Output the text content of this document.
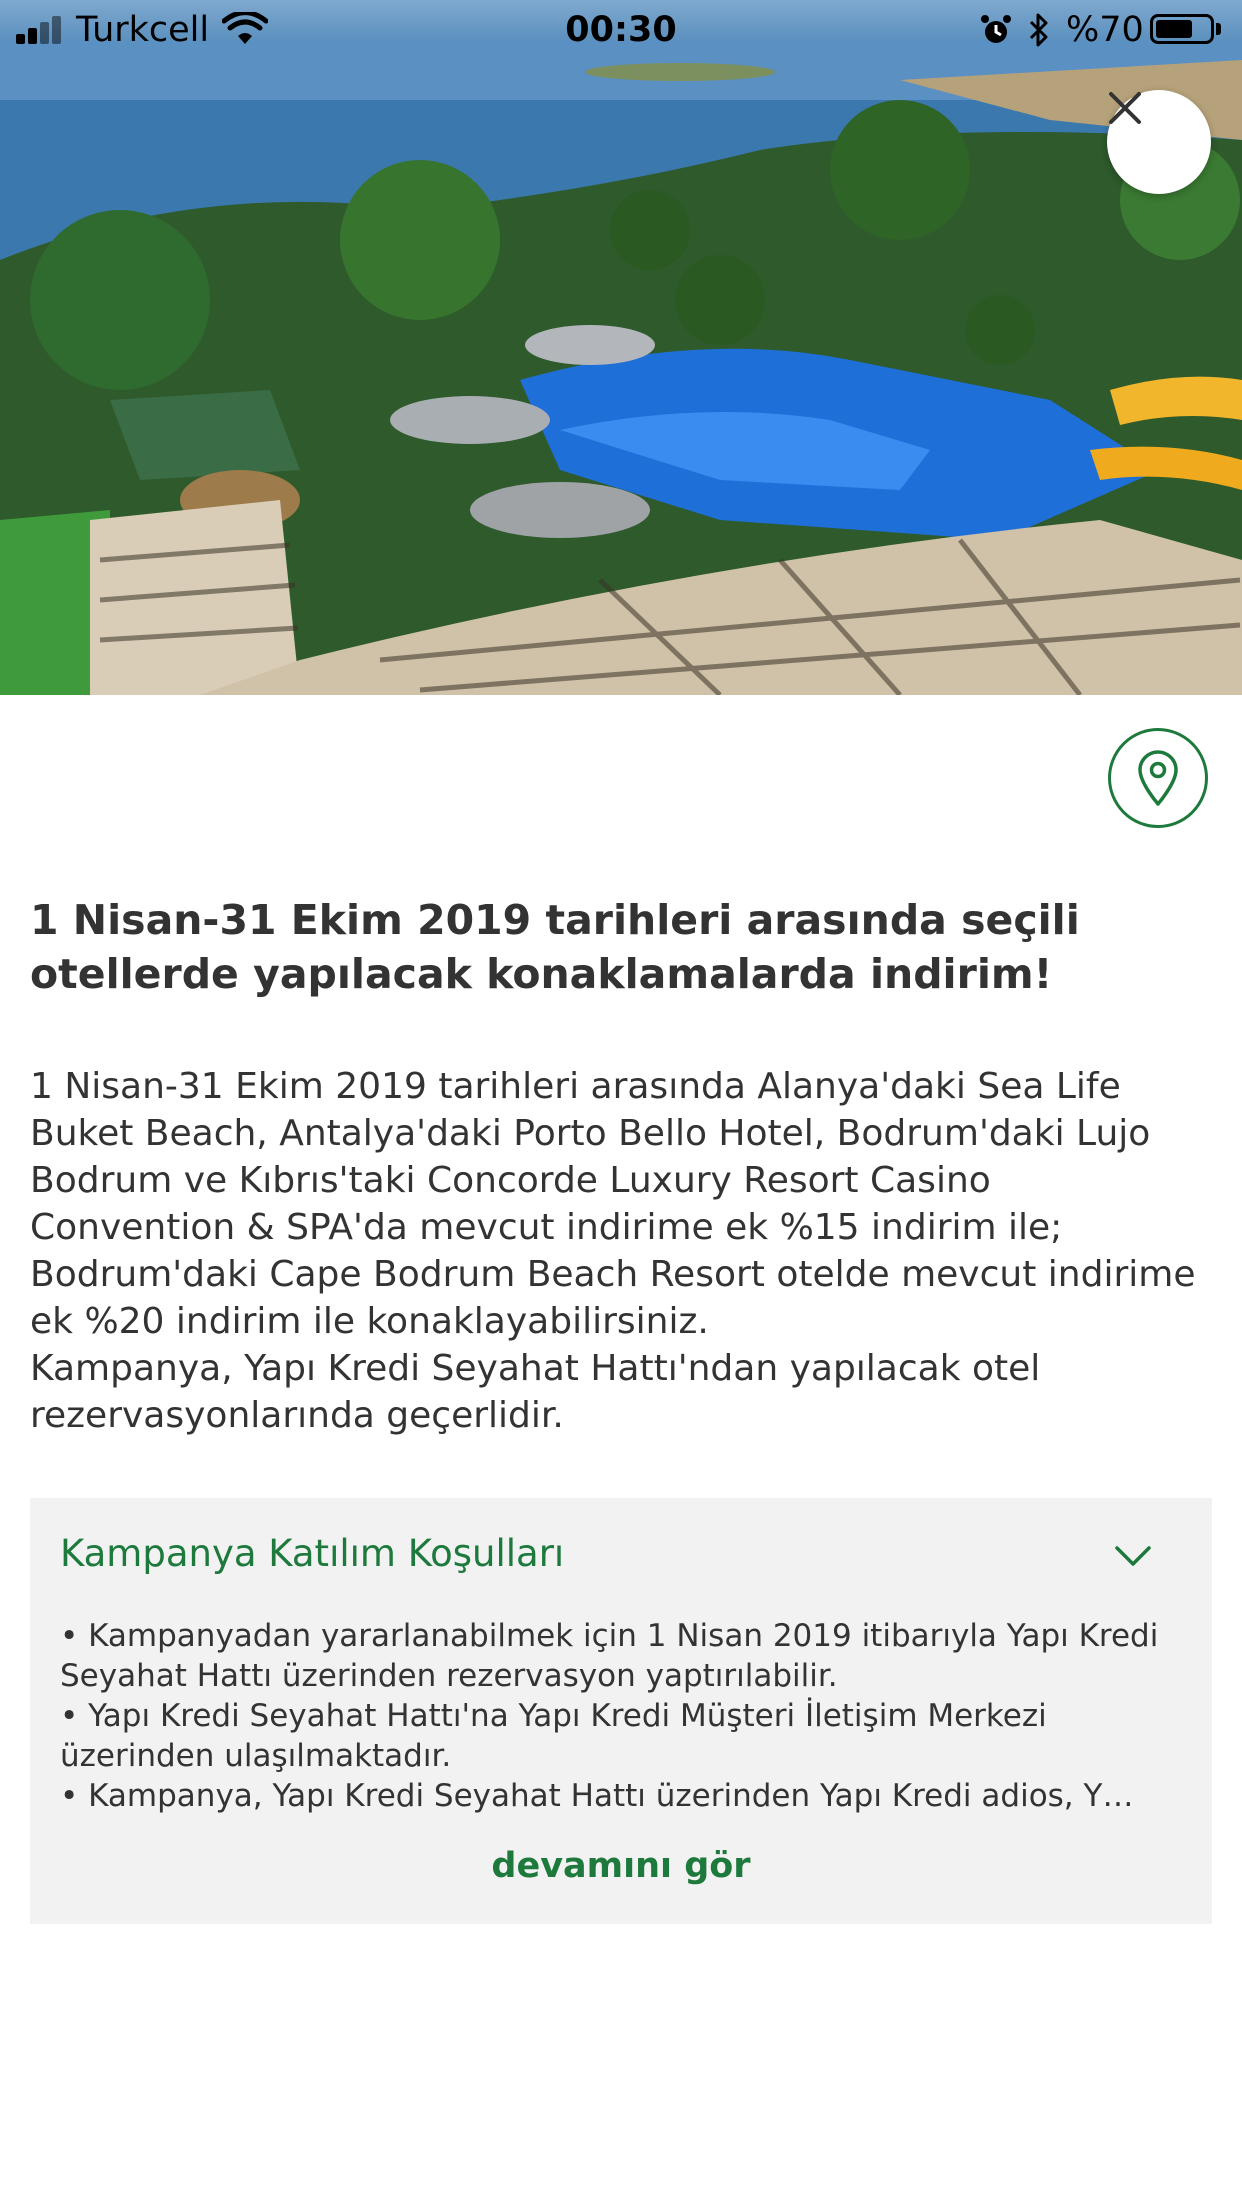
Turkcell	00:30	%70
1 Nisan-31 Ekim 2019 tarihleri arasında seçili otellerde yapılacak konaklamalarda indirim!
1 Nisan-31 Ekim 2019 tarihleri arasında Alanya'daki Sea Life Buket Beach, Antalya'daki Porto Bello Hotel, Bodrum'daki Lujo Bodrum ve Kıbrıs'taki Concorde Luxury Resort Casino Convention & SPA'da mevcut indirime ek %15 indirim ile; Bodrum'daki Cape Bodrum Beach Resort otelde mevcut indirime ek %20 indirim ile konaklayabilirsiniz.
Kampanya, Yapı Kredi Seyahat Hattı'ndan yapılacak otel rezervasyonlarında geçerlidir.
Kampanya Katılım Koşulları
• Kampanyadan yararlanabilmek için 1 Nisan 2019 itibarıyla Yapı Kredi Seyahat Hattı üzerinden rezervasyon yaptırılabilir.
• Yapı Kredi Seyahat Hattı'na Yapı Kredi Müşteri İletişim Merkezi üzerinden ulaşılmaktadır.
• Kampanya, Yapı Kredi Seyahat Hattı üzerinden Yapı Kredi adios, Y…
devamını gör
